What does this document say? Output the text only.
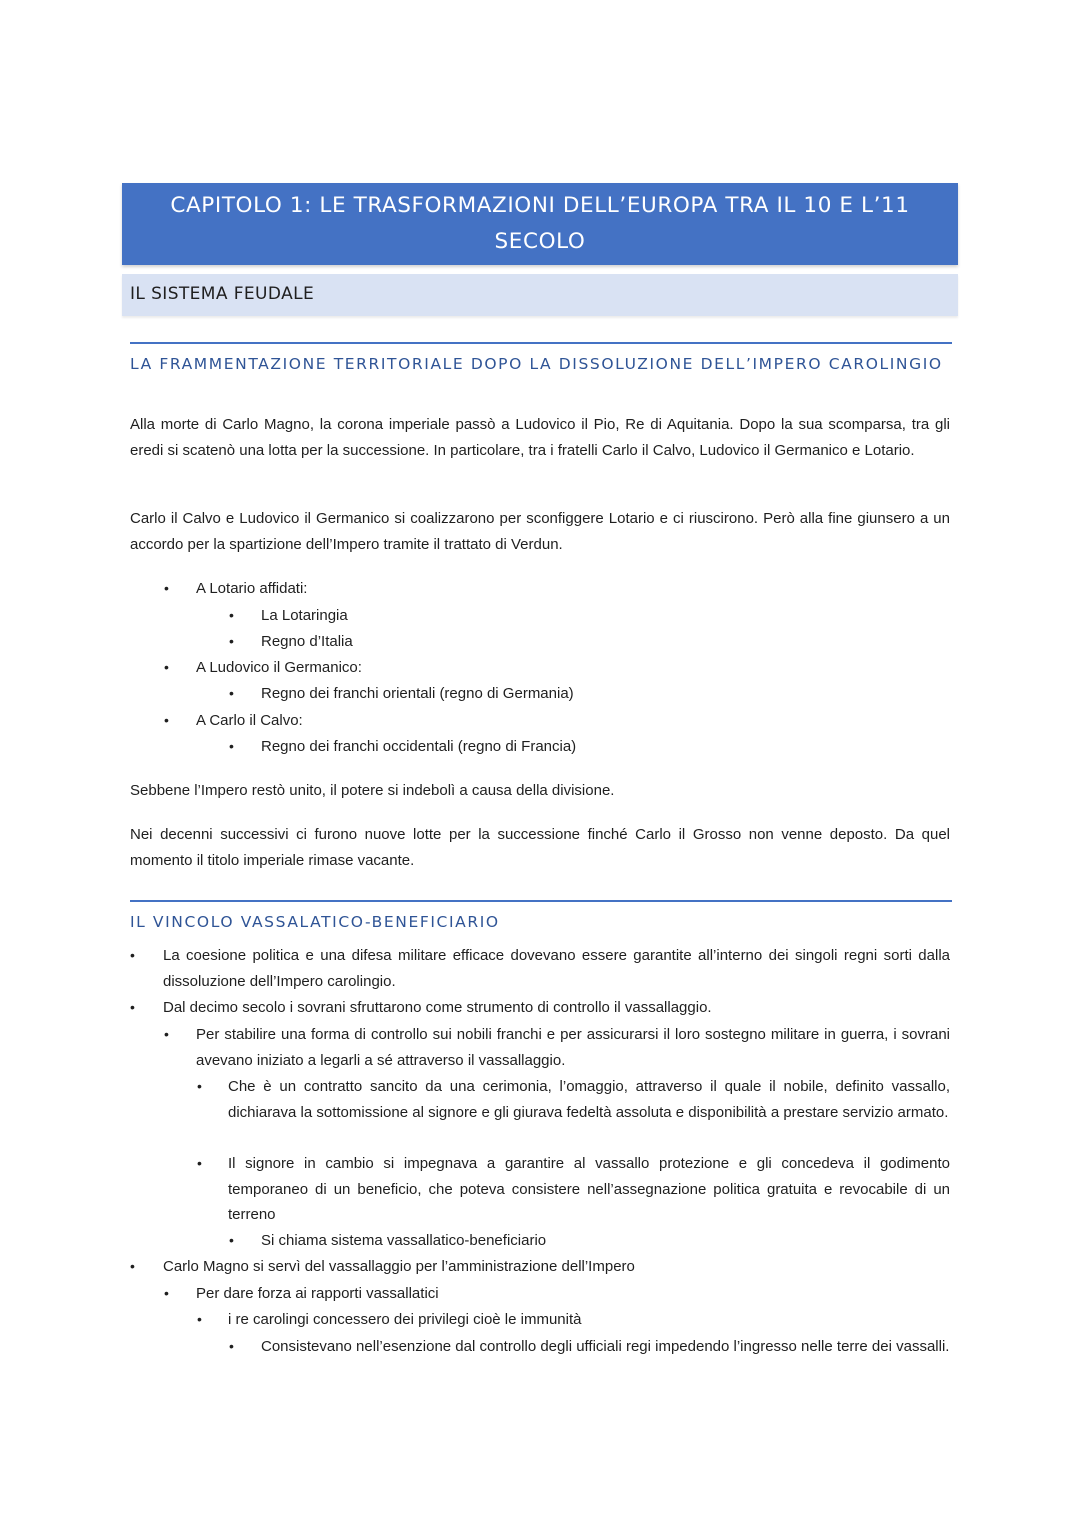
CAPITOLO 1: LE TRASFORMAZIONI DELL’EUROPA TRA IL 10 E L’11 SECOLO
IL SISTEMA FEUDALE
LA FRAMMENTAZIONE TERRITORIALE DOPO LA DISSOLUZIONE DELL’IMPERO CAROLINGIO

Alla morte di Carlo Magno, la corona imperiale passò a Ludovico il Pio, Re di Aquitania. Dopo la sua scomparsa, tra gli eredi si scatenò una lotta per la successione. In particolare, tra i fratelli Carlo il Calvo, Ludovico il Germanico e Lotario.

Carlo il Calvo e Ludovico il Germanico si coalizzarono per sconfiggere Lotario e ci riuscirono. Però alla fine giunsero a un accordo per la spartizione dell’Impero tramite il trattato di Verdun.

•	A Lotario affidati:
•	La Lotaringia
•	Regno d’Italia
•	A Ludovico il Germanico:
•	Regno dei franchi orientali (regno di Germania)
•	A Carlo il Calvo:
•	Regno dei franchi occidentali (regno di Francia)

Sebbene l’Impero restò unito, il potere si indebolì a causa della divisione.

Nei decenni successivi ci furono nuove lotte per la successione finché Carlo il Grosso non venne deposto. Da quel momento il titolo imperiale rimase vacante.

IL VINCOLO VASSALATICO-BENEFICIARIO
•	La coesione politica e una difesa militare efficace dovevano essere garantite all’interno dei singoli regni sorti dalla dissoluzione dell’Impero carolingio.
•	Dal decimo secolo i sovrani sfruttarono come strumento di controllo il vassallaggio.
•	Per stabilire una forma di controllo sui nobili franchi e per assicurarsi il loro sostegno militare in guerra, i sovrani avevano iniziato a legarli a sé attraverso il vassallaggio.
•	Che è un contratto sancito da una cerimonia, l’omaggio, attraverso il quale il nobile, definito vassallo, dichiarava la sottomissione al signore e gli giurava fedeltà assoluta e disponibilità a prestare servizio armato.
•	Il signore in cambio si impegnava a garantire al vassallo protezione e gli concedeva il godimento temporaneo di un beneficio, che poteva consistere nell’assegnazione politica gratuita e revocabile di un terreno
•	Si chiama sistema vassallatico-beneficiario
•	Carlo Magno si servì del vassallaggio per l’amministrazione dell’Impero
•	Per dare forza ai rapporti vassallatici
•	i re carolingi concessero dei privilegi cioè le immunità
•	Consistevano nell’esenzione dal controllo degli ufficiali regi impedendo l’ingresso nelle terre dei vassalli.
